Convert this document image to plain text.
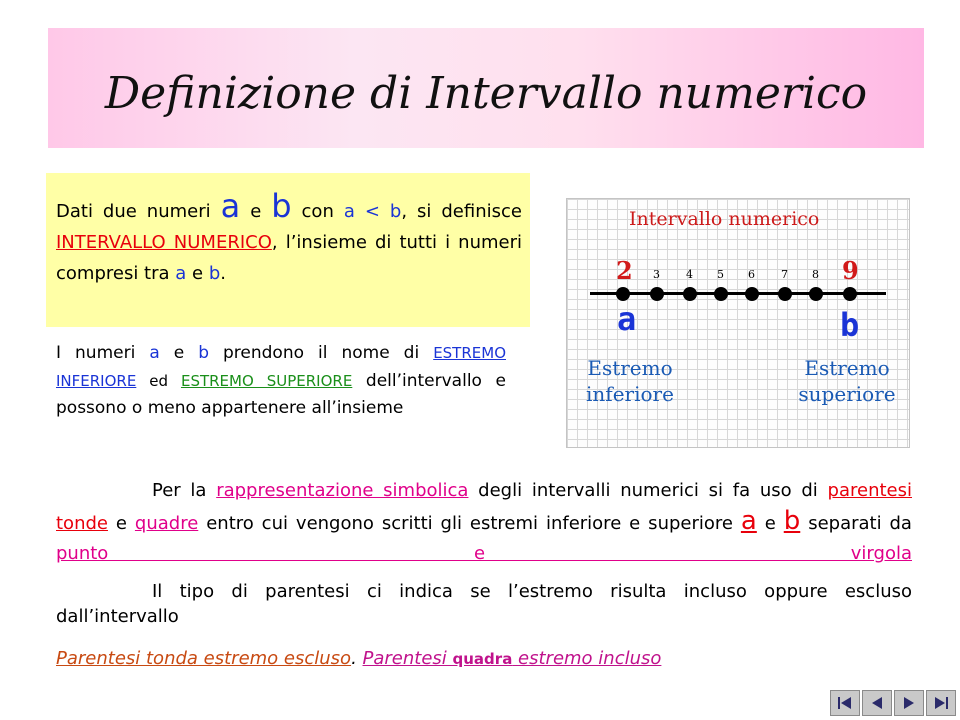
Definizione di Intervallo numerico
Dati due numeri a e b con a < b, si definisce INTERVALLO NUMERICO, l’insieme di tutti i numeri compresi tra a e b.
I numeri a e b prendono il nome di ESTREMO INFERIORE ed ESTREMO SUPERIORE dell’intervallo e possono o meno appartenere all’insieme
Intervallo numerico
2	9
3 4 5 6 7 8
a	b
Estremo
inferiore
Estremo
superiore
Per la rappresentazione simbolica degli intervalli numerici si fa uso di parentesi tonde e quadre entro cui vengono scritti gli estremi inferiore e superiore a e b separati da punto e virgola
Il tipo di parentesi ci indica se l’estremo risulta incluso oppure escluso dall’intervallo
Parentesi tonda estremo escluso. Parentesi quadra estremo incluso
